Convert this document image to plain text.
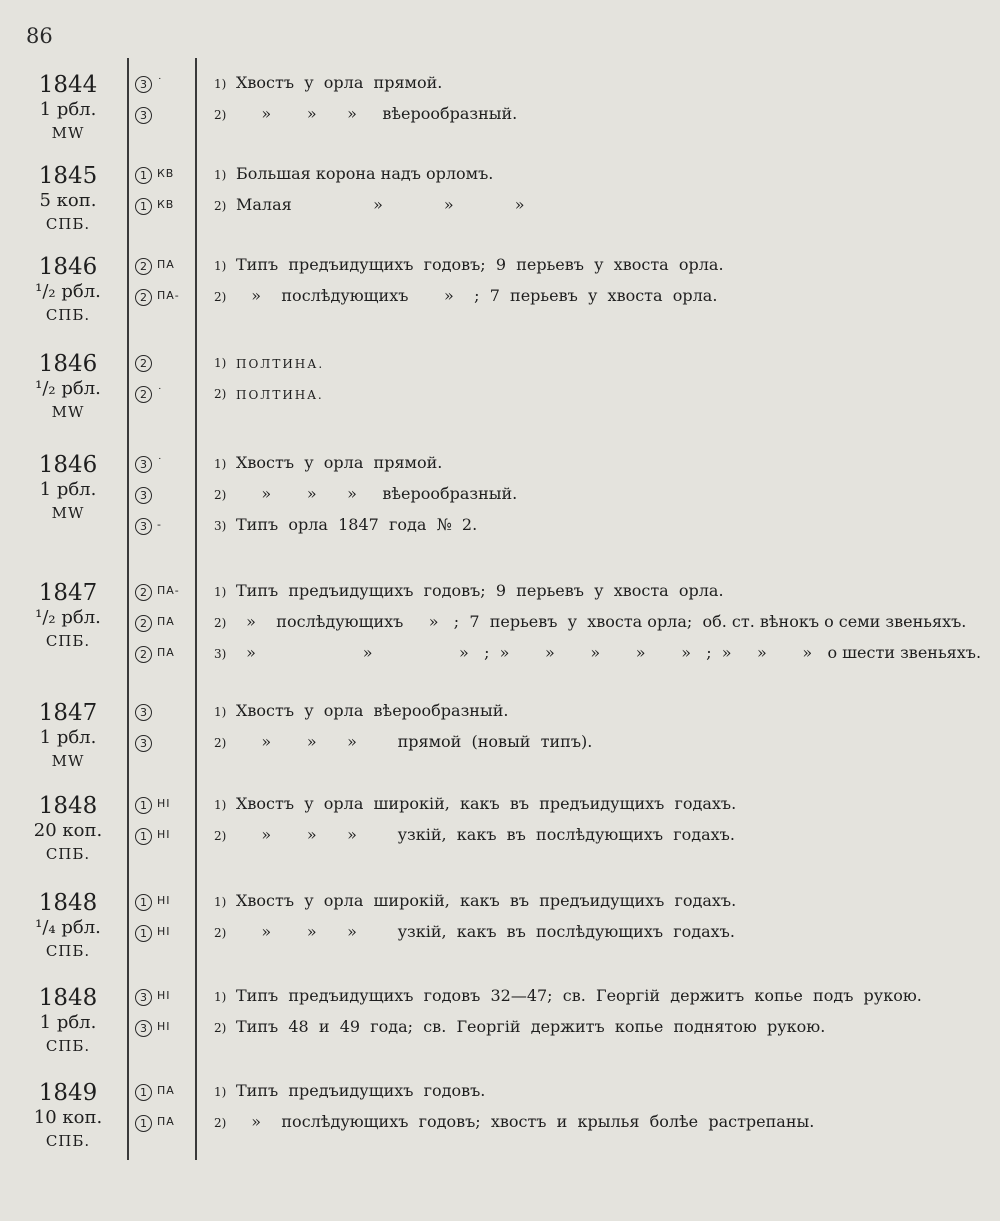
86
1844
1 рбл.
MW
3 ˙	1) Хвостъ  у  орла  прямой.
3	2) »       »      »     вѣерообразный.
1845
5 коп.
СПБ.
1 КВ	1) Большая корона надъ орломъ.
1 КВ	2) Малая                »            »            »
1846
¹/₂ рбл.
СПБ.
2 ПА	1) Типъ  предъидущихъ  годовъ;  9  перьевъ  у  хвоста  орла.
2 ПА-	2) »    послѣдующихъ       »    ;  7  перьевъ  у  хвоста  орла.
1846
¹/₂ рбл.
MW
2	1) ПОЛТИНА.
2 ˙	2) ПОЛТИНA.
1846
1 рбл.
MW
3 ˙	1) Хвостъ  у  орла  прямой.
3	2) »       »      »     вѣерообразный.
3 -	3) Типъ  орла  1847  года  №  2.
1847
¹/₂ рбл.
СПБ.
2 ПА-	1) Типъ  предъидущихъ  годовъ;  9  перьевъ  у  хвоста  орла.
2 ПА	2) »    послѣдующихъ     »   ;  7  перьевъ  у  хвоста орла;  об. ст. вѣнокъ о семи звеньяхъ.
2 ПА	3) »                     »                 »   ;  »       »       »       »       »   ;  »     »       »   о шести звеньяхъ.
1847
1 рбл.
MW
3	1) Хвостъ  у  орла  вѣерообразный.
3	2) »       »      »        прямой  (новый  типъ).
1848
20 коп.
СПБ.
1 НI	1) Хвостъ  у  орла  широкій,  какъ  въ  предъидущихъ  годахъ.
1 НI	2) »       »      »        узкій,  какъ  въ  послѣдующихъ  годахъ.
1848
¹/₄ рбл.
СПБ.
1 НI	1) Хвостъ  у  орла  широкій,  какъ  въ  предъидущихъ  годахъ.
1 НI	2) »       »      »        узкій,  какъ  въ  послѣдующихъ  годахъ.
1848
1 рбл.
СПБ.
3 НI	1) Типъ  предъидущихъ  годовъ  32—47;  св.  Георгій  держитъ  копье  подъ  рукою.
3 НI	2) Типъ  48  и  49  года;  св.  Георгій  держитъ  копье  поднятою  рукою.
1849
10 коп.
СПБ.
1 ПА	1) Типъ  предъидущихъ  годовъ.
1 ПА	2) »    послѣдующихъ  годовъ;  хвостъ  и  крылья  болѣе  растрепаны.
